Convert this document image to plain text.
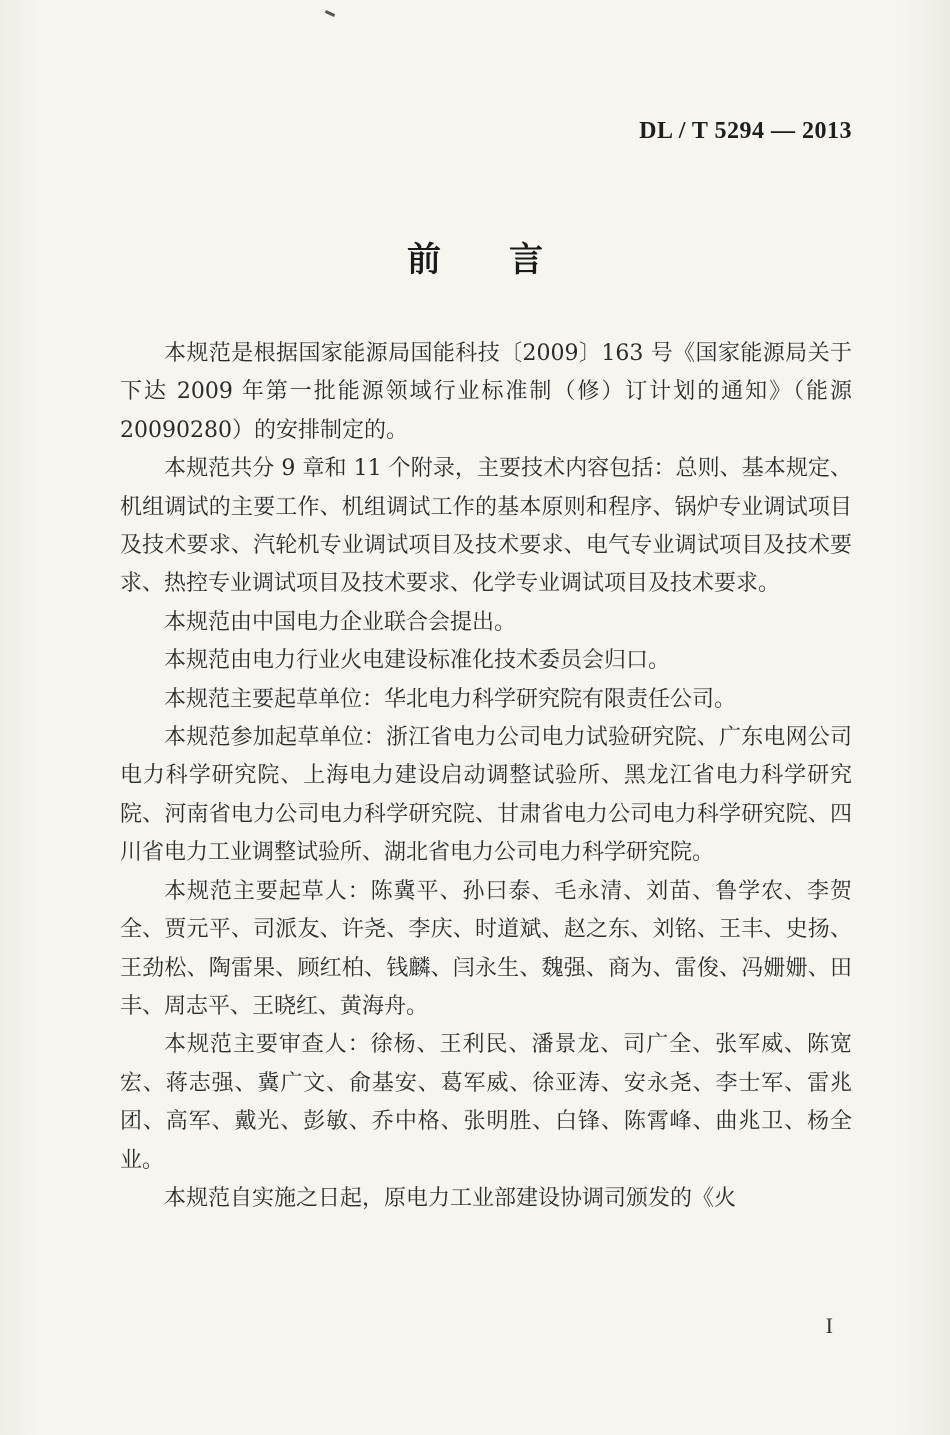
DL / T 5294 — 2013
前言

本规范是根据国家能源局国能科技〔2009〕163 号《国家能源局关于下达 2009 年第一批能源领域行业标准制（修）订计划的通知》（能源 20090280）的安排制定的。

本规范共分 9 章和 11 个附录，主要技术内容包括：总则、基本规定、机组调试的主要工作、机组调试工作的基本原则和程序、锅炉专业调试项目及技术要求、汽轮机专业调试项目及技术要求、电气专业调试项目及技术要求、热控专业调试项目及技术要求、化学专业调试项目及技术要求。

本规范由中国电力企业联合会提出。

本规范由电力行业火电建设标准化技术委员会归口。

本规范主要起草单位：华北电力科学研究院有限责任公司。

本规范参加起草单位：浙江省电力公司电力试验研究院、广东电网公司电力科学研究院、上海电力建设启动调整试验所、黑龙江省电力科学研究院、河南省电力公司电力科学研究院、甘肃省电力公司电力科学研究院、四川省电力工业调整试验所、湖北省电力公司电力科学研究院。

本规范主要起草人：陈冀平、孙曰泰、毛永清、刘苗、鲁学农、李贺全、贾元平、司派友、许尧、李庆、时道斌、赵之东、刘铭、王丰、史扬、王劲松、陶雷果、顾红柏、钱麟、闫永生、魏强、商为、雷俊、冯姗姗、田丰、周志平、王晓红、黄海舟。

本规范主要审查人：徐杨、王利民、潘景龙、司广全、张军威、陈宽宏、蒋志强、冀广文、俞基安、葛军威、徐亚涛、安永尧、李士军、雷兆团、高军、戴光、彭敏、乔中格、张明胜、白锋、陈霄峰、曲兆卫、杨全业。

本规范自实施之日起，原电力工业部建设协调司颁发的《火

I
